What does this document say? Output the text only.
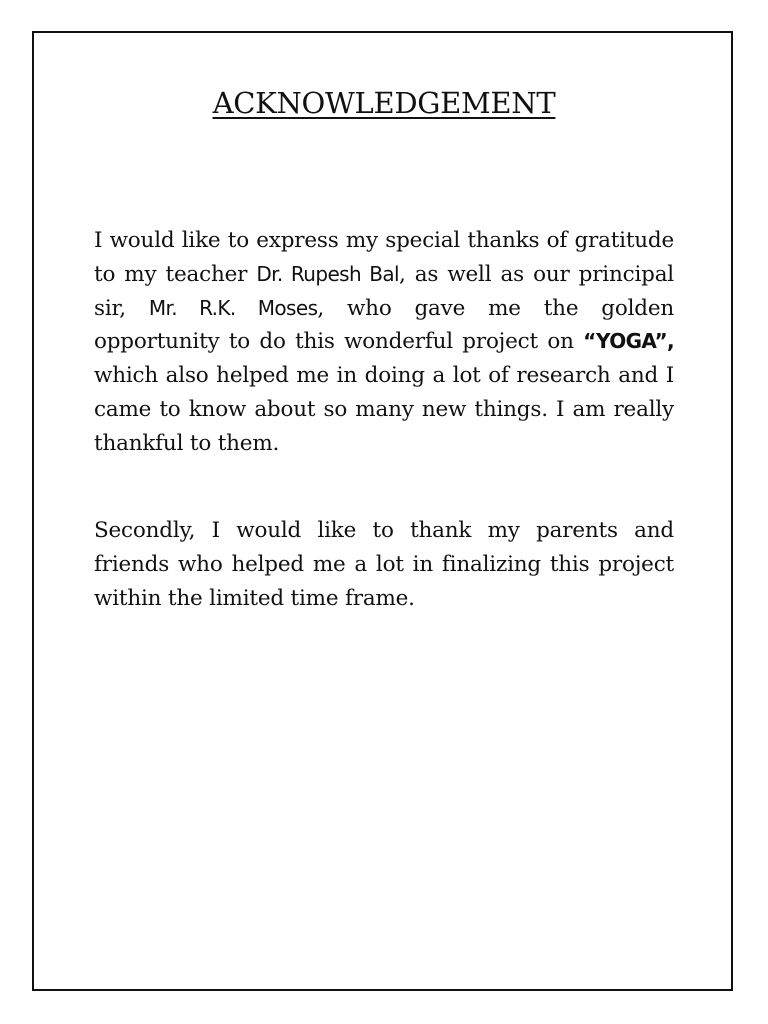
ACKNOWLEDGEMENT

I would like to express my special thanks of gratitude to my teacher Dr. Rupesh Bal, as well as our principal sir, Mr. R.K. Moses, who gave me the golden opportunity to do this wonderful project on “YOGA”, which also helped me in doing a lot of research and I came to know about so many new things. I am really thankful to them.

Secondly, I would like to thank my parents and friends who helped me a lot in finalizing this project within the limited time frame.
